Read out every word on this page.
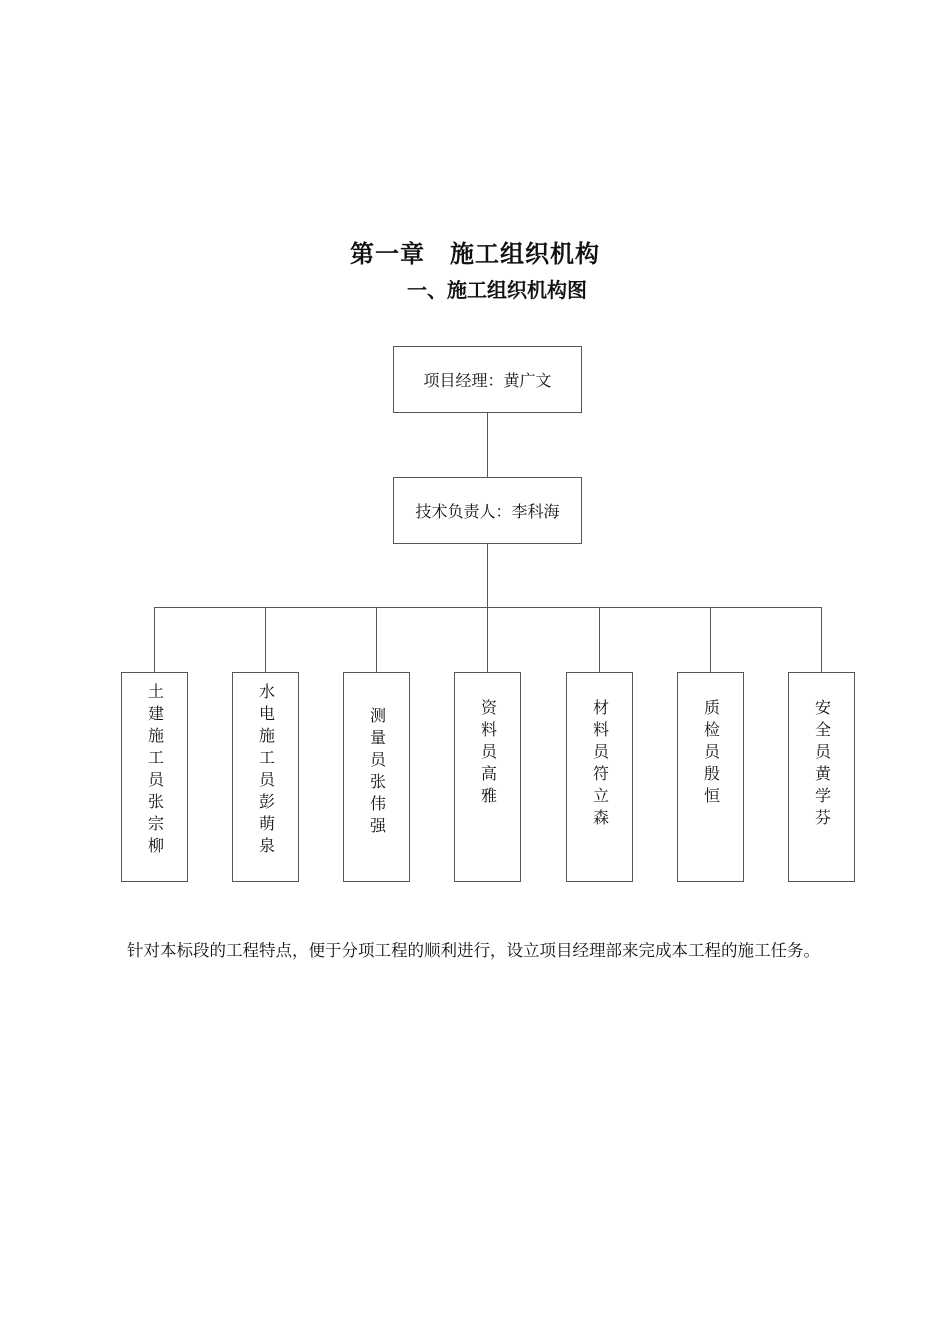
第一章　施工组织机构
一、施工组织机构图
项目经理：黄广文
技术负责人：李科海
土建施工员张宗柳	水电施工员彭萌泉	测量员张伟强	资料员高雅	材料员符立森	质检员殷恒	安全员黄学芬

针对本标段的工程特点，便于分项工程的顺利进行，设立项目经理部来完成本工程的施工任务。
